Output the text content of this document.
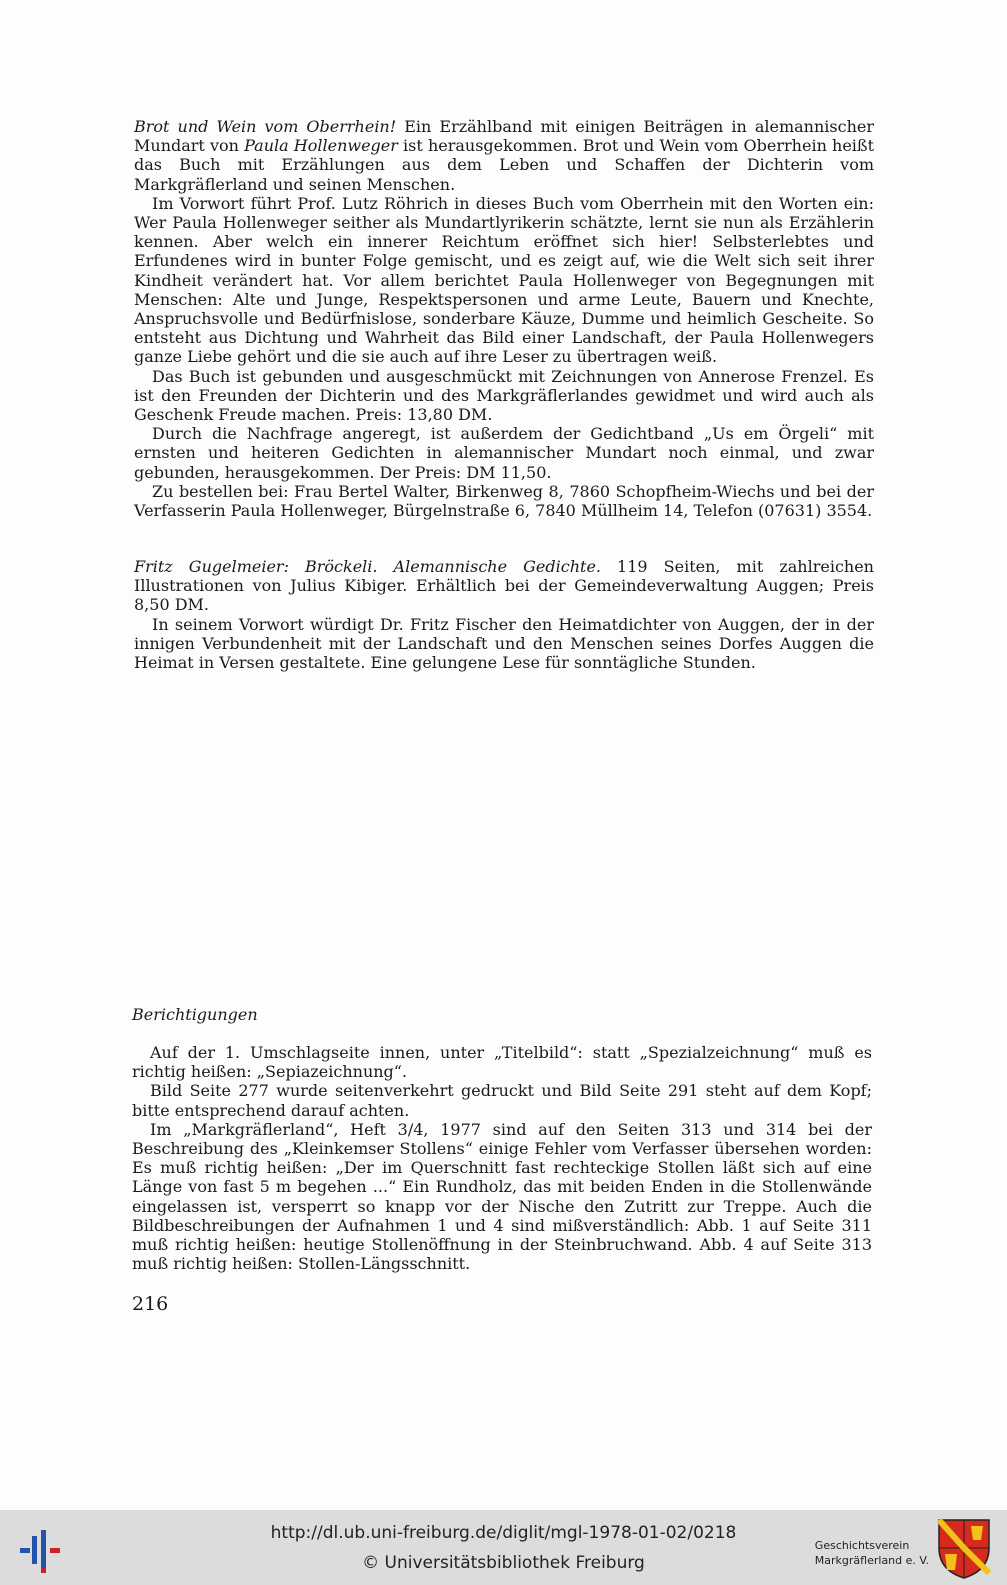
Brot und Wein vom Oberrhein! Ein Erzählband mit einigen Beiträgen in alemannischer Mundart von Paula Hollenweger ist herausgekommen. Brot und Wein vom Oberrhein heißt das Buch mit Erzählungen aus dem Leben und Schaffen der Dichterin vom Markgräflerland und seinen Menschen.

Im Vorwort führt Prof. Lutz Röhrich in dieses Buch vom Oberrhein mit den Worten ein: Wer Paula Hollenweger seither als Mundartlyrikerin schätzte, lernt sie nun als Erzählerin kennen. Aber welch ein innerer Reichtum eröffnet sich hier! Selbsterlebtes und Erfundenes wird in bunter Folge gemischt, und es zeigt auf, wie die Welt sich seit ihrer Kindheit verändert hat. Vor allem berichtet Paula Hollenweger von Begegnungen mit Menschen: Alte und Junge, Respektspersonen und arme Leute, Bauern und Knechte, Anspruchsvolle und Bedürfnislose, sonderbare Käuze, Dumme und heimlich Gescheite. So entsteht aus Dichtung und Wahrheit das Bild einer Landschaft, der Paula Hollenwegers ganze Liebe gehört und die sie auch auf ihre Leser zu übertragen weiß.

Das Buch ist gebunden und ausgeschmückt mit Zeichnungen von Annerose Frenzel. Es ist den Freunden der Dichterin und des Markgräflerlandes gewidmet und wird auch als Geschenk Freude machen. Preis: 13,80 DM.

Durch die Nachfrage angeregt, ist außerdem der Gedichtband „Us em Örgeli“ mit ernsten und heiteren Gedichten in alemannischer Mundart noch einmal, und zwar gebunden, herausgekommen. Der Preis: DM 11,50.

Zu bestellen bei: Frau Bertel Walter, Birkenweg 8, 7860 Schopfheim-Wiechs und bei der Verfasserin Paula Hollenweger, Bürgelnstraße 6, 7840 Müllheim 14, Telefon (07631) 3554.

Fritz Gugelmeier: Bröckeli. Alemannische Gedichte. 119 Seiten, mit zahlreichen Illustrationen von Julius Kibiger. Erhältlich bei der Gemeindeverwaltung Auggen; Preis 8,50 DM.

In seinem Vorwort würdigt Dr. Fritz Fischer den Heimatdichter von Auggen, der in der innigen Verbundenheit mit der Landschaft und den Menschen seines Dorfes Auggen die Heimat in Versen gestaltete. Eine gelungene Lese für sonntägliche Stunden.

Berichtigungen

Auf der 1. Umschlagseite innen, unter „Titelbild“: statt „Spezialzeichnung“ muß es richtig heißen: „Sepiazeichnung“.

Bild Seite 277 wurde seitenverkehrt gedruckt und Bild Seite 291 steht auf dem Kopf; bitte entsprechend darauf achten.

Im „Markgräflerland“, Heft 3/4, 1977 sind auf den Seiten 313 und 314 bei der Beschreibung des „Kleinkemser Stollens“ einige Fehler vom Verfasser übersehen worden: Es muß richtig heißen: „Der im Querschnitt fast rechteckige Stollen läßt sich auf eine Länge von fast 5 m begehen ...“ Ein Rundholz, das mit beiden Enden in die Stollenwände eingelassen ist, versperrt so knapp vor der Nische den Zutritt zur Treppe. Auch die Bildbeschreibungen der Aufnahmen 1 und 4 sind mißverständlich: Abb. 1 auf Seite 311 muß richtig heißen: heutige Stollenöffnung in der Steinbruchwand. Abb. 4 auf Seite 313 muß richtig heißen: Stollen-Längsschnitt.

216
http://dl.ub.uni-freiburg.de/diglit/mgl-1978-01-02/0218
© Universitätsbibliothek Freiburg
Geschichtsverein
Markgräflerland e. V.
